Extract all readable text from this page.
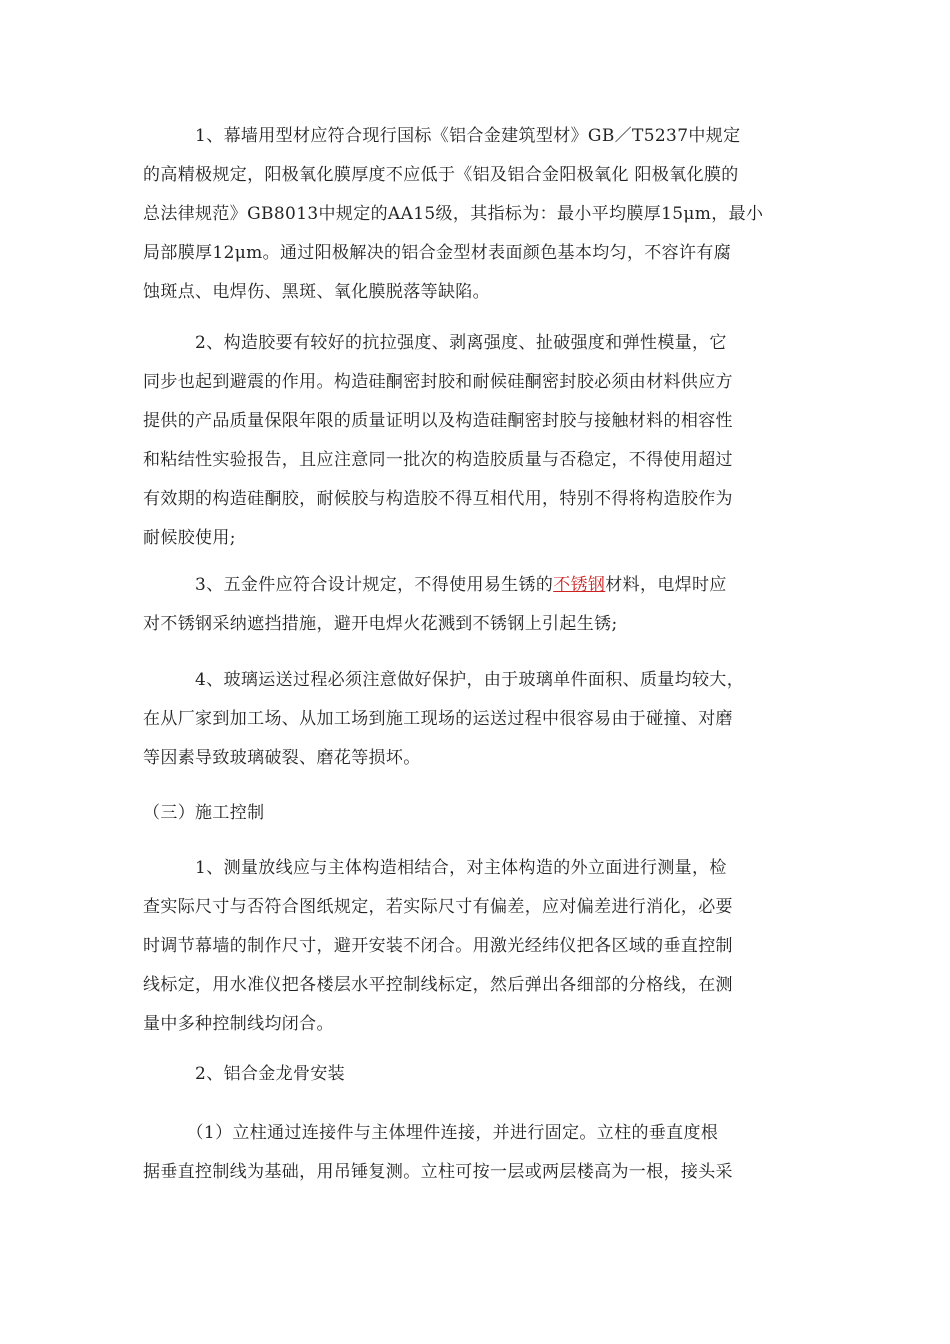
　　　1、幕墙用型材应符合现行国标《铝合金建筑型材》GB／T5237中规定
的高精极规定，阳极氧化膜厚度不应低于《铝及铝合金阳极氧化 阳极氧化膜的
总法律规范》GB8013中规定的AA15级，其指标为：最小平均膜厚15μm，最小
局部膜厚12μm。通过阳极解决的铝合金型材表面颜色基本均匀，不容许有腐
蚀斑点、电焊伤、黑斑、氧化膜脱落等缺陷。
　　　2、构造胶要有较好的抗拉强度、剥离强度、扯破强度和弹性模量，它
同步也起到避震的作用。构造硅酮密封胶和耐候硅酮密封胶必须由材料供应方
提供的产品质量保限年限的质量证明以及构造硅酮密封胶与接触材料的相容性
和粘结性实验报告，且应注意同一批次的构造胶质量与否稳定，不得使用超过
有效期的构造硅酮胶，耐候胶与构造胶不得互相代用，特别不得将构造胶作为
耐候胶使用;
　　　3、五金件应符合设计规定，不得使用易生锈的不锈钢材料，电焊时应
对不锈钢采纳遮挡措施，避开电焊火花溅到不锈钢上引起生锈;
　　　4、玻璃运送过程必须注意做好保护，由于玻璃单件面积、质量均较大，
在从厂家到加工场、从加工场到施工现场的运送过程中很容易由于碰撞、对磨
等因素导致玻璃破裂、磨花等损坏。
（三）施工控制
　　　1、测量放线应与主体构造相结合，对主体构造的外立面进行测量，检
查实际尺寸与否符合图纸规定，若实际尺寸有偏差，应对偏差进行消化，必要
时调节幕墙的制作尺寸，避开安装不闭合。用激光经纬仪把各区域的垂直控制
线标定，用水准仪把各楼层水平控制线标定，然后弹出各细部的分格线，在测
量中多种控制线均闭合。
　　　2、铝合金龙骨安装
　　　（1）立柱通过连接件与主体埋件连接，并进行固定。立柱的垂直度根
据垂直控制线为基础，用吊锤复测。立柱可按一层或两层楼高为一根，接头采
